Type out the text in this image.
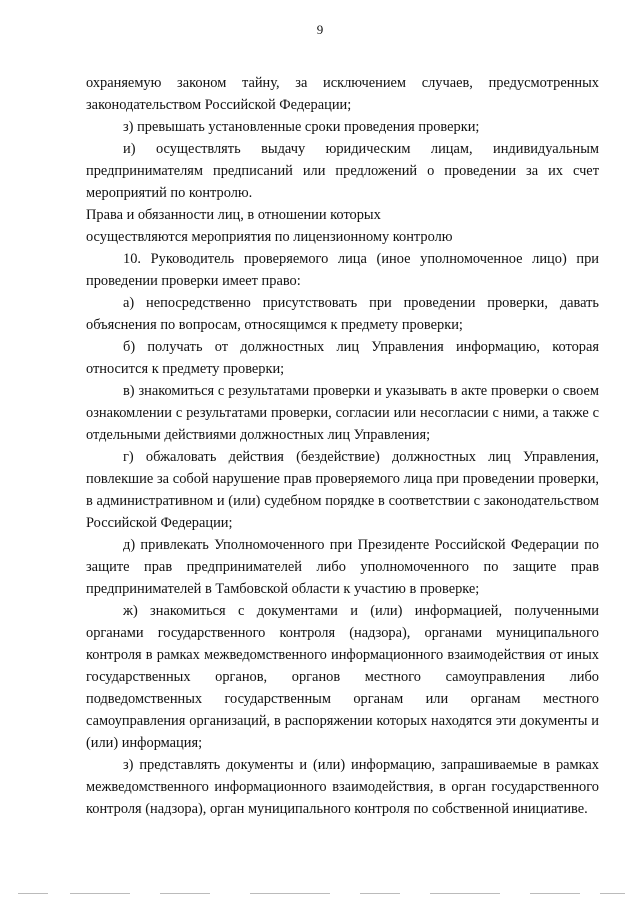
9

охраняемую законом тайну, за исключением случаев, предусмотренных законодательством Российской Федерации;

з) превышать установленные сроки проведения проверки;

и) осуществлять выдачу юридическим лицам, индивидуальным предпринимателям предписаний или предложений о проведении за их счет мероприятий по контролю.

Права и обязанности лиц, в отношении которых
осуществляются мероприятия по лицензионному контролю

10. Руководитель проверяемого лица (иное уполномоченное лицо) при проведении проверки имеет право:

а) непосредственно присутствовать при проведении проверки, давать объяснения по вопросам, относящимся к предмету проверки;

б) получать от должностных лиц Управления информацию, которая относится к предмету проверки;

в) знакомиться с результатами проверки и указывать в акте проверки о своем ознакомлении с результатами проверки, согласии или несогласии с ними, а также с отдельными действиями должностных лиц Управления;

г) обжаловать действия (бездействие) должностных лиц Управления, повлекшие за собой нарушение прав проверяемого лица при проведении проверки, в административном и (или) судебном порядке в соответствии с законодательством Российской Федерации;

д) привлекать Уполномоченного при Президенте Российской Федерации по защите прав предпринимателей либо уполномоченного по защите прав предпринимателей в Тамбовской области к участию в проверке;

ж) знакомиться с документами и (или) информацией, полученными органами государственного контроля (надзора), органами муниципального контроля в рамках межведомственного информационного взаимодействия от иных государственных органов, органов местного самоуправления либо подведомственных государственным органам или органам местного самоуправления организаций, в распоряжении которых находятся эти документы и (или) информация;

з) представлять документы и (или) информацию, запрашиваемые в рамках межведомственного информационного взаимодействия, в орган государственного контроля (надзора), орган муниципального контроля по собственной инициативе.
